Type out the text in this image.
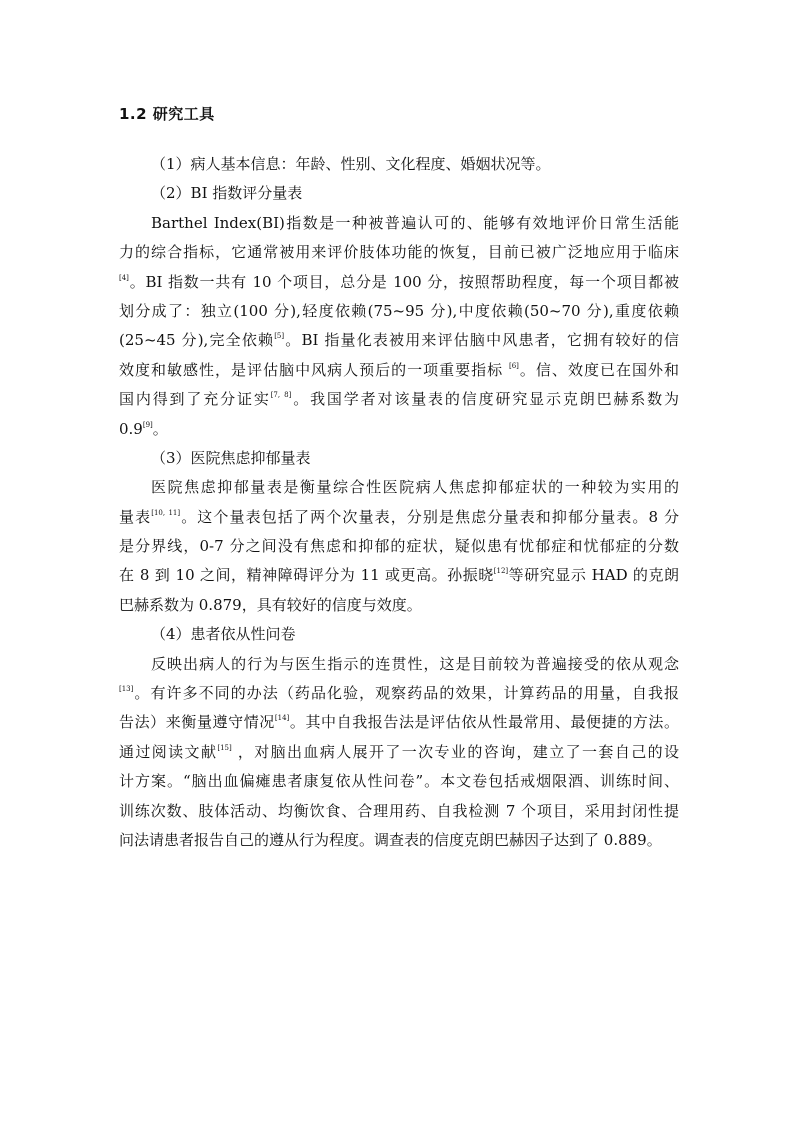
1.2 研究工具
（1）病人基本信息：年龄、性别、文化程度、婚姻状况等。
（2）BI 指数评分量表
Barthel Index(BI)指数是一种被普遍认可的、能够有效地评价日常生活能
力的综合指标，它通常被用来评价肢体功能的恢复，目前已被广泛地应用于临床
[4]。BI 指数一共有 10 个项目，总分是 100 分，按照帮助程度，每一个项目都被
划分成了：独立(100 分),轻度依赖(75~95 分),中度依赖(50~70 分),重度依赖
(25~45 分),完全依赖[5]。BI 指量化表被用来评估脑中风患者，它拥有较好的信
效度和敏感性，是评估脑中风病人预后的一项重要指标 [6]。信、效度已在国外和
国内得到了充分证实[7, 8]。我国学者对该量表的信度研究显示克朗巴赫系数为
0.9[9]。
（3）医院焦虑抑郁量表
医院焦虑抑郁量表是衡量综合性医院病人焦虑抑郁症状的一种较为实用的
量表[10, 11]。这个量表包括了两个次量表，分别是焦虑分量表和抑郁分量表。8 分
是分界线，0-7 分之间没有焦虑和抑郁的症状，疑似患有忧郁症和忧郁症的分数
在 8 到 10 之间，精神障碍评分为 11 或更高。孙振晓[12]等研究显示 HAD 的克朗
巴赫系数为 0.879，具有较好的信度与效度。
（4）患者依从性问卷
反映出病人的行为与医生指示的连贯性，这是目前较为普遍接受的依从观念
[13]。有许多不同的办法（药品化验，观察药品的效果，计算药品的用量，自我报
告法）来衡量遵守情况[14]。其中自我报告法是评估依从性最常用、最便捷的方法。
通过阅读文献[15] ，对脑出血病人展开了一次专业的咨询，建立了一套自己的设
计方案。“脑出血偏瘫患者康复依从性问卷”。本文卷包括戒烟限酒、训练时间、
训练次数、肢体活动、均衡饮食、合理用药、自我检测 7 个项目，采用封闭性提
问法请患者报告自己的遵从行为程度。调查表的信度克朗巴赫因子达到了 0.889。
